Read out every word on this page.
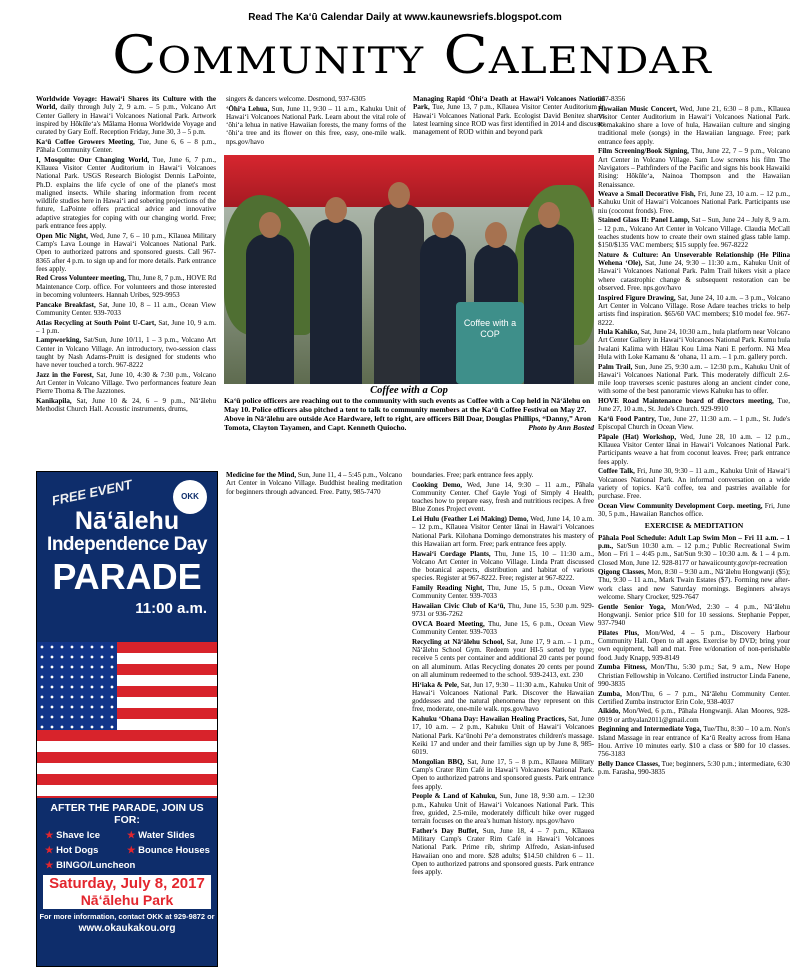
Read The Ka‘ū Calendar Daily at www.kaunewsriefs.blogspot.com
Community Calendar

Worldwide Voyage: Hawai‘i Shares its Culture with the World, daily through July 2, 9 a.m. – 5 p.m., Volcano Art Center Gallery in Hawai‘i Volcanoes National Park. Artwork inspired by Hōkūleʻa's Mālama Honua Worldwide Voyage and curated by Gary Eoff. Reception Friday, June 30, 3 – 5 p.m.

Ka‘ū Coffee Growers Meeting, Tue, June 6, 6 – 8 p.m., Pāhala Community Center.

I, Mosquito: Our Changing World, Tue, June 6, 7 p.m., Kīlauea Visitor Center Auditorium in Hawai‘i Volcanoes National Park. USGS Research Biologist Dennis LaPointe, Ph.D. explains the life cycle of one of the planet's most maligned insects. While sharing information from recent wildlife studies here in Hawai‘i and sobering projections of the future, LaPointe offers practical advice and innovative adaptive strategies for coping with our changing world. Free; park entrance fees apply.

Open Mic Night, Wed, June 7, 6 – 10 p.m., Kīlauea Military Camp's Lava Lounge in Hawai‘i Volcanoes National Park. Open to authorized patrons and sponsored guests. Call 967-8365 after 4 p.m. to sign up and for more details. Park entrance fees apply.

Red Cross Volunteer meeting, Thu, June 8, 7 p.m., HOVE Rd Maintenance Corp. office. For volunteers and those interested in becoming volunteers. Hannah Uribes, 929-9953

Pancake Breakfast, Sat, June 10, 8 – 11 a.m., Ocean View Community Center. 939-7033

Atlas Recycling at South Point U-Cart, Sat, June 10, 9 a.m. – 1 p.m.

Lampworking, Sat/Sun, June 10/11, 1 – 3 p.m., Volcano Art Center in Volcano Village. An introductory, two-session class taught by Nash Adams-Pruitt is designed for students who have never touched a torch. 967-8222

Jazz in the Forest, Sat, June 10, 4:30 & 7:30 p.m., Volcano Art Center in Volcano Village. Two performances feature Jean Pierre Thoma & The Jazztones.

Kanikapila, Sat, June 10 & 24, 6 – 9 p.m., Nā‘ālehu Methodist Church Hall. Acoustic instruments, drums,

singers & dancers welcome. Desmond, 937-6305

‘Ōhi‘a Lehua, Sun, June 11, 9:30 – 11 a.m., Kahuku Unit of Hawai‘i Volcanoes National Park. Learn about the vital role of ‘ōhi‘a lehua in native Hawaiian forests, the many forms of the ‘ōhi‘a tree and its flower on this free, easy, one-mile walk. nps.gov/havo

Managing Rapid ‘Ōhi‘a Death at Hawai‘i Volcanoes National Park, Tue, June 13, 7 p.m., Kīlauea Visitor Center Auditorium in Hawai‘i Volcanoes National Park. Ecologist David Benitez shares latest learning since ROD was first identified in 2014 and discusses management of ROD within and beyond park

967-8356

Hawaiian Music Concert, Wed, June 21, 6:30 – 8 p.m., Kīlauea Visitor Center Auditorium in Hawai‘i Volcanoes National Park. Komakakino share a love of hula, Hawaiian culture and singing traditional mele (songs) in the Hawaiian language. Free; park entrance fees apply.

Film Screening/Book Signing, Thu, June 22, 7 – 9 p.m., Volcano Art Center in Volcano Village. Sam Low screens his film The Navigators – Pathfinders of the Pacific and signs his book Hawaiki Rising: Hōkūleʻa, Nainoa Thompson and the Hawaiian Renaissance.

Weave a Small Decorative Fish, Fri, June 23, 10 a.m. – 12 p.m., Kahuku Unit of Hawai‘i Volcanoes National Park. Participants use niu (coconut fronds). Free.

Stained Glass II: Panel Lamp, Sat – Sun, June 24 – July 8, 9 a.m. – 12 p.m., Volcano Art Center in Volcano Village. Claudia McCall teaches students how to create their own stained glass table lamp. $150/$135 VAC members; $15 supply fee. 967-8222

Nature & Culture: An Unseverable Relationship (He Pilina Wehena ‘Ole), Sat, June 24, 9:30 – 11:30 a.m., Kahuku Unit of Hawai‘i Volcanoes National Park. Palm Trail hikers visit a place where catastrophic change & subsequent restoration can be observed. Free. nps.gov/havo

Inspired Figure Drawing, Sat, June 24, 10 a.m. – 3 p.m., Volcano Art Center in Volcano Village. Rose Adare teaches tricks to help artists find inspiration. $65/60 VAC members; $10 model fee. 967-8222.

Hula Kahiko, Sat, June 24, 10:30 a.m., hula platform near Volcano Art Center Gallery in Hawai‘i Volcanoes National Park. Kumu hula Iwalani Kalima with Hālau Kou Lima Nani E perform. Nā Mea Hula with Loke Kamanu & ‘ohana, 11 a.m. – 1 p.m. gallery porch.

Palm Trail, Sun, June 25, 9:30 a.m. – 12:30 p.m., Kahuku Unit of Hawai‘i Volcanoes National Park. This moderately difficult 2.6-mile loop traverses scenic pastures along an ancient cinder cone, with some of the best panoramic views Kahuku has to offer.

HOVE Road Maintenance board of directors meeting, Tue, June 27, 10 a.m., St. Jude's Church. 929-9910

Ka‘ū Food Pantry, Tue, June 27, 11:30 a.m. – 1 p.m., St. Jude's Episcopal Church in Ocean View.

Pāpale (Hat) Workshop, Wed, June 28, 10 a.m. – 12 p.m., Kīlauea Visitor Center lānai in Hawai‘i Volcanoes National Park. Participants weave a hat from coconut leaves. Free; park entrance fees apply.

Coffee Talk, Fri, June 30, 9:30 – 11 a.m., Kahuku Unit of Hawai‘i Volcanoes National Park. An informal conversation on a wide variety of topics. Ka‘ū coffee, tea and pastries available for purchase. Free.

Ocean View Community Development Corp. meeting, Fri, June 30, 5 p.m., Hawaiian Ranchos office.

EXERCISE & MEDITATION

Pāhala Pool Schedule: Adult Lap Swim Mon – Fri 11 a.m. – 1 p.m., Sat/Sun 10:30 a.m. – 12 p.m.; Public Recreational Swim Mon – Fri 1 – 4:45 p.m., Sat/Sun 9:30 – 10:30 a.m. & 1 – 4 p.m. Closed Mon, June 12. 928-8177 or hawaiicounty.gov/pr-recreation

Qigong Classes, Mon, 8:30 – 9:30 a.m., Nā‘ālehu Hongwanji ($5); Thu, 9:30 – 11 a.m., Mark Twain Estates ($7). Forming new after-work class and new Saturday mornings. Beginners always welcome. Shary Crocker, 929-7647

Gentle Senior Yoga, Mon/Wed, 2:30 – 4 p.m., Nā‘ālehu Hongwanji. Senior price $10 for 10 sessions. Stephanie Pepper, 937-7940

Pilates Plus, Mon/Wed, 4 – 5 p.m., Discovery Harbour Community Hall. Open to all ages. Exercise by DVD; bring your own equipment, ball and mat. Free w/donation of non-perishable food. Judy Knapp, 939-8149

Zumba Fitness, Mon/Thu, 5:30 p.m.; Sat, 9 a.m., New Hope Christian Fellowship in Volcano. Certified instructor Linda Fanene, 990-3835

Zumba, Mon/Thu, 6 – 7 p.m., Nā‘ālehu Community Center. Certified Zumba instructor Erin Cole, 938-4037

Aikido, Mon/Wed, 6 p.m., Pāhala Hongwanji. Alan Moores, 928-0919 or artbyalan2011@gmail.com

Beginning and Intermediate Yoga, Tue/Thu, 8:30 – 10 a.m. Non's Island Massage in rear entrance of Ka‘ū Realty across from Hana Hou. Arrive 10 minutes early. $10 a class or $80 for 10 classes. 756-3183

Belly Dance Classes, Tue; beginners, 5:30 p.m.; intermediate, 6:30 p.m. Farasha, 990-3835

Coffee with a COP
Coffee with a Cop
Ka‘ū police officers are reaching out to the community with such events as Coffee with a Cop held in Nā‘ālehu on May 10. Police officers also pitched a tent to talk to community members at the Ka‘ū Coffee Festival on May 27. Above in Nā‘ālehu are outside Ace Hardware, left to right, are officers Bill Doar, Douglas Phillips, “Danny,” Aron Tomota, Clayton Tayamen, and Capt. Kenneth Quiocho.	Photo by Ann Bosted

Medicine for the Mind, Sun, June 11, 4 – 5:45 p.m., Volcano Art Center in Volcano Village. Buddhist healing meditation for beginners through advanced. Free. Patty, 985-7470

boundaries. Free; park entrance fees apply.

Cooking Demo, Wed, June 14, 9:30 – 11 a.m., Pāhala Community Center. Chef Gayle Yogi of Simply 4 Health, teaches how to prepare easy, fresh and nutritious recipes. A free Blue Zones Project event.

Lei Hulu (Feather Lei Making) Demo, Wed, June 14, 10 a.m. – 12 p.m., Kīlauea Visitor Center lānai in Hawai‘i Volcanoes National Park. Kilohana Domingo demonstrates his mastery of this Hawaiian art form. Free; park entrance fees apply.

Hawai‘i Cordage Plants, Thu, June 15, 10 – 11:30 a.m., Volcano Art Center in Volcano Village. Linda Pratt discussed the botanical aspects, distribution and habitat of various species. Register at 967-8222. Free; register at 967-8222.

Family Reading Night, Thu, June 15, 5 p.m., Ocean View Community Center. 939-7033

Hawaiian Civic Club of Ka‘ū, Thu, June 15, 5:30 p.m. 929-9731 or 936-7262

OVCA Board Meeting, Thu, June 15, 6 p.m., Ocean View Community Center. 939-7033

Recycling at Nā‘ālehu School, Sat, June 17, 9 a.m. – 1 p.m., Nā‘ālehu School Gym. Redeem your HI-5 sorted by type; receive 5 cents per container and additional 20 cants per pound on all aluminum. Atlas Recycling donates 20 cents per pound on all aluminum redeemed to the school. 939-2413, ext. 230

Hi‘iaka & Pele, Sat, Jun 17, 9:30 – 11:30 a.m., Kahuku Unit of Hawai‘i Volcanoes National Park. Discover the Hawaiian goddesses and the natural phenomena they represent on this free, moderate, one-mile walk. nps.gov/havo

Kahuku ‘Ohana Day: Hawaiian Healing Practices, Sat, June 17, 10 a.m. – 2 p.m., Kahuku Unit of Hawai‘i Volcanoes National Park. Ka‘ūnohi Pe‘a demonstrates children's massage. Keiki 17 and under and their families sign up by June 8, 985-6019.

Mongolian BBQ, Sat, June 17, 5 – 8 p.m., Kīlauea Military Camp's Crater Rim Café in Hawai‘i Volcanoes National Park. Open to authorized patrons and sponsored guests. Park entrance fees apply.

People & Land of Kahuku, Sun, June 18, 9:30 a.m. – 12:30 p.m., Kahuku Unit of Hawai‘i Volcanoes National Park. This free, guided, 2.5-mile, moderately difficult hike over rugged terrain focuses on the area's human history. nps.gov/havo

Father's Day Buffet, Sun, June 18, 4 – 7 p.m., Kīlauea Military Camp's Crater Rim Café in Hawai‘i Volcanoes National Park. Prime rib, shrimp Alfredo, Asian-infused Hawaiian ono and more. $28 adults; $14.50 children 6 – 11. Open to authorized patrons and sponsored guests. Park entrance fees apply.

FREE EVENT	OKK
Nā‘ālehu
Independence Day
PARADE
11:00 a.m.
AFTER THE PARADE, JOIN US FOR:
★ Shave Ice	★ Water Slides
★ Hot Dogs	★ Bounce Houses
★ BINGO/Luncheon
Saturday, July 8, 2017
Nā‘ālehu Park
For more information, contact OKK at 929-9872 or
www.okaukakou.org
